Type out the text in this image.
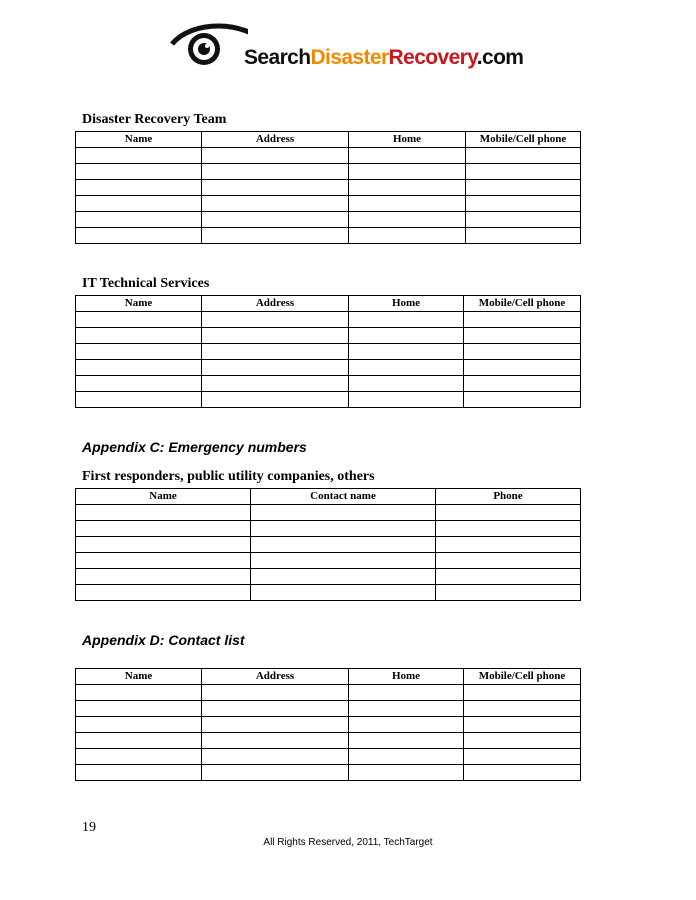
SearchDisasterRecovery.com
Disaster Recovery Team
Name	Address	Home	Mobile/Cell phone

IT Technical Services
Name	Address	Home	Mobile/Cell phone

Appendix C: Emergency numbers
First responders, public utility companies, others
Name	Contact name	Phone

Appendix D: Contact list
Name	Address	Home	Mobile/Cell phone

19
All Rights Reserved, 2011, TechTarget
